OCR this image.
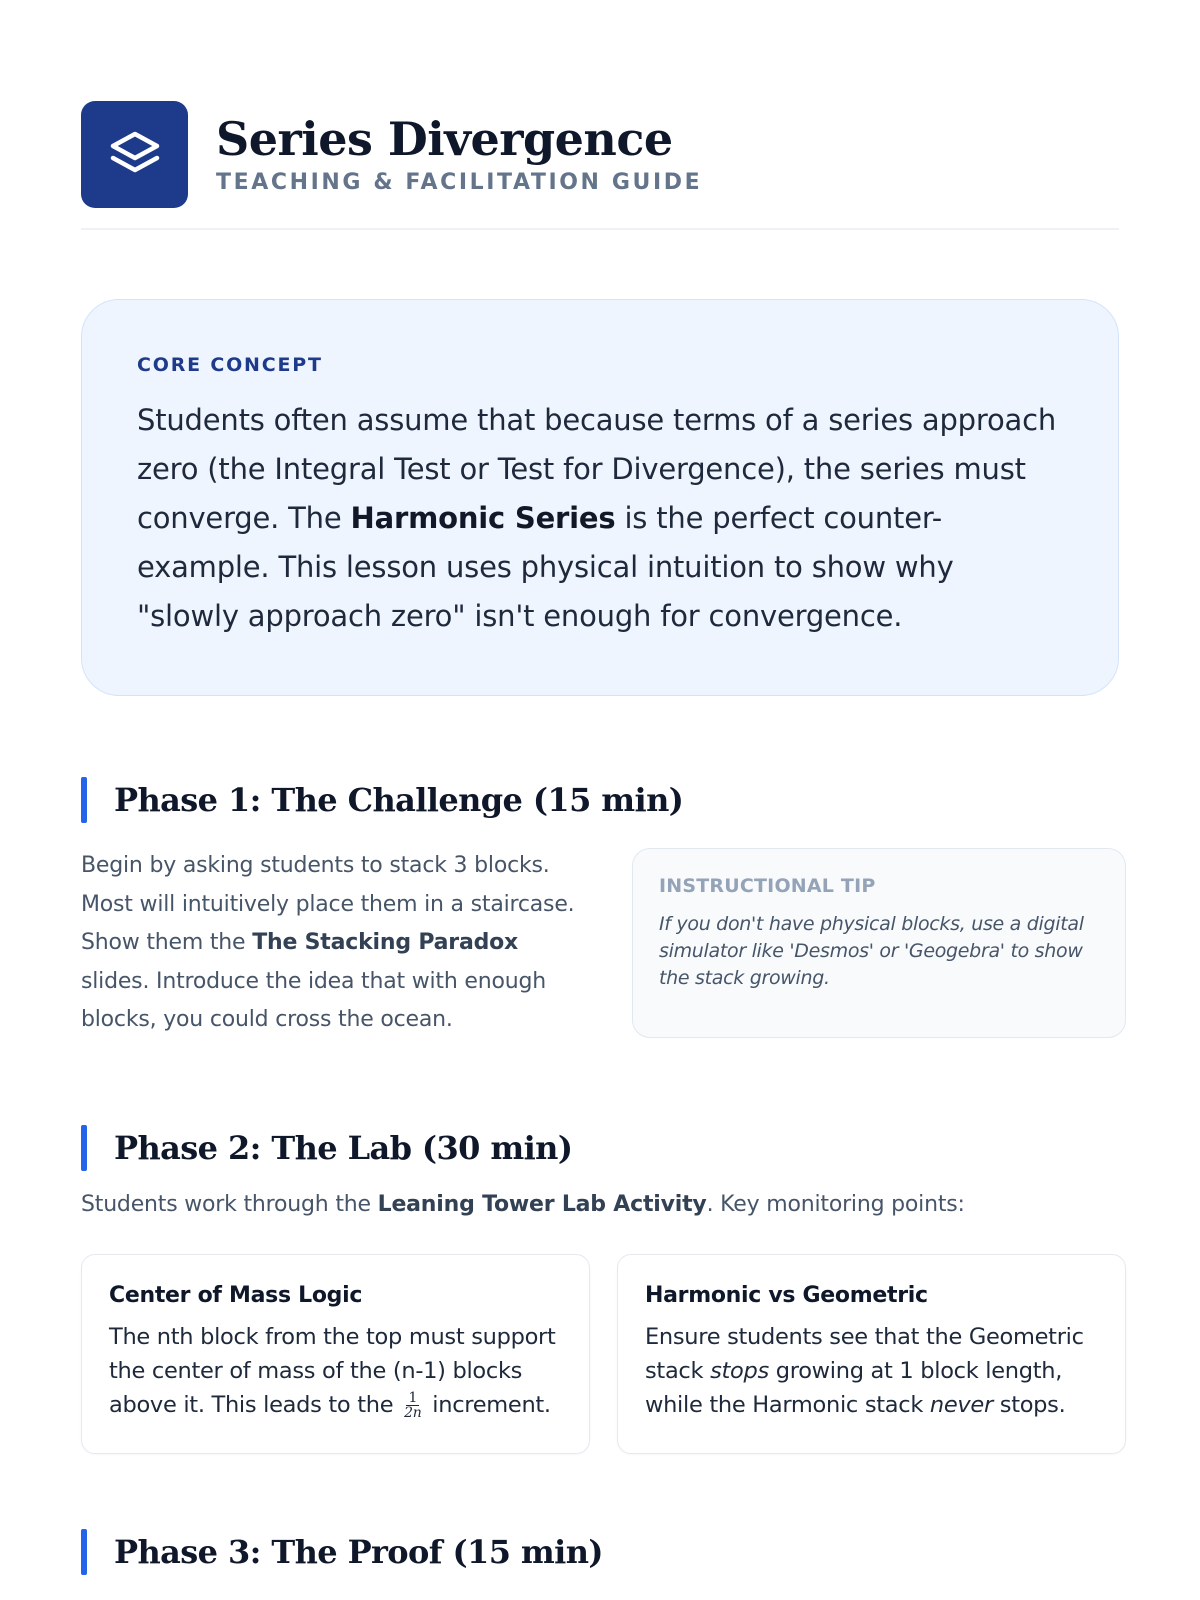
Series Divergence
TEACHING & FACILITATION GUIDE
CORE CONCEPT
Students often assume that because terms of a series approach zero (the Integral Test or Test for Divergence), the series must converge. The Harmonic Series is the perfect counter-example. This lesson uses physical intuition to show why "slowly approach zero" isn't enough for convergence.
Phase 1: The Challenge (15 min)
Begin by asking students to stack 3 blocks. Most will intuitively place them in a staircase. Show them the The Stacking Paradox slides. Introduce the idea that with enough blocks, you could cross the ocean.
INSTRUCTIONAL TIP
If you don't have physical blocks, use a digital simulator like 'Desmos' or 'Geogebra' to show the stack growing.
Phase 2: The Lab (30 min)
Students work through the Leaning Tower Lab Activity. Key monitoring points:
Center of Mass Logic
The nth block from the top must support the center of mass of the (n-1) blocks above it. This leads to the $\frac{1}{2n}$ increment.
Harmonic vs Geometric
Ensure students see that the Geometric stack stops growing at 1 block length, while the Harmonic stack never stops.
Phase 3: The Proof (15 min)
